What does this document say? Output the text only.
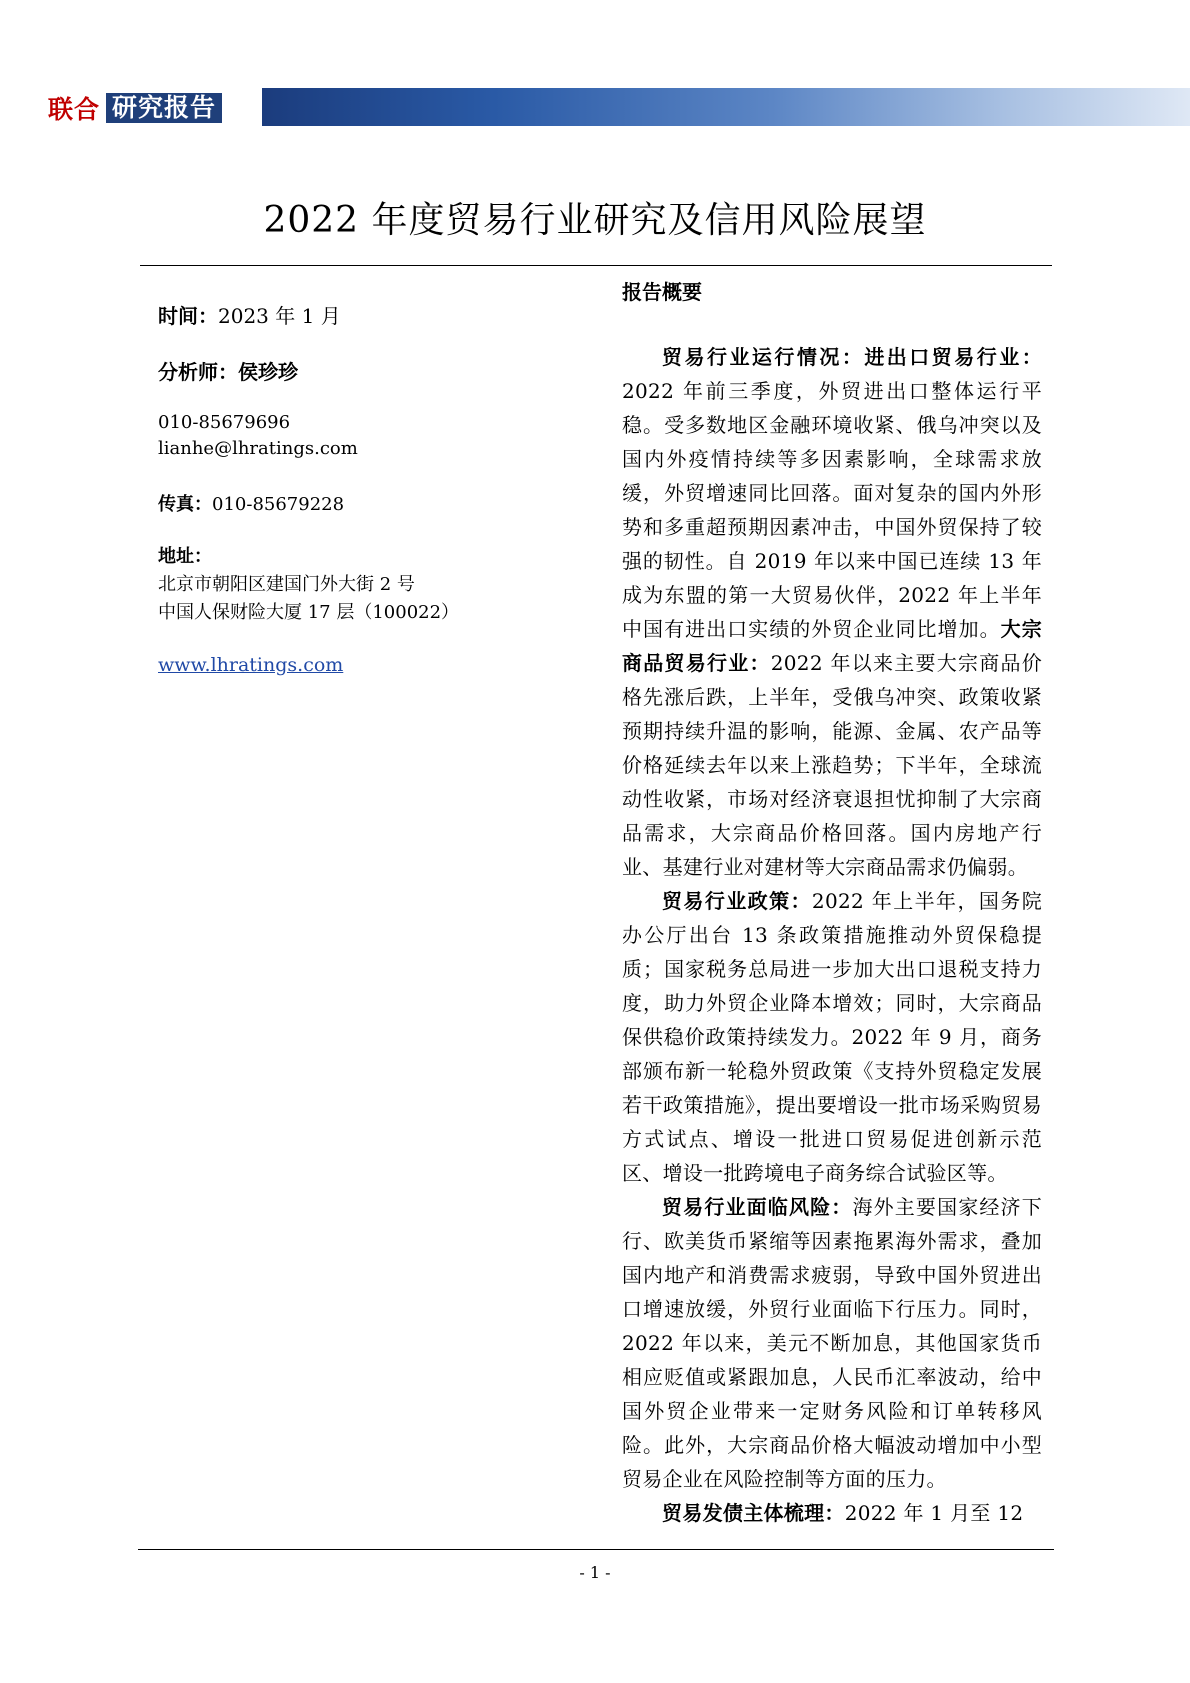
联合 研究报告
2022 年度贸易行业研究及信用风险展望
时间：2023 年 1 月
分析师：侯珍珍
010-85679696
lianhe@lhratings.com
传真：010-85679228
地址：
北京市朝阳区建国门外大街 2 号
中国人保财险大厦 17 层（100022）
www.lhratings.com
报告概要

贸易行业运行情况：进出口贸易行业：2022 年前三季度，外贸进出口整体运行平稳。受多数地区金融环境收紧、俄乌冲突以及国内外疫情持续等多因素影响，全球需求放缓，外贸增速同比回落。面对复杂的国内外形势和多重超预期因素冲击，中国外贸保持了较强的韧性。自 2019 年以来中国已连续 13 年成为东盟的第一大贸易伙伴，2022 年上半年中国有进出口实绩的外贸企业同比增加。大宗商品贸易行业：2022 年以来主要大宗商品价格先涨后跌，上半年，受俄乌冲突、政策收紧预期持续升温的影响，能源、金属、农产品等价格延续去年以来上涨趋势；下半年，全球流动性收紧，市场对经济衰退担忧抑制了大宗商品需求，大宗商品价格回落。国内房地产行业、基建行业对建材等大宗商品需求仍偏弱。

贸易行业政策：2022 年上半年，国务院办公厅出台 13 条政策措施推动外贸保稳提质；国家税务总局进一步加大出口退税支持力度，助力外贸企业降本增效；同时，大宗商品保供稳价政策持续发力。2022 年 9 月，商务部颁布新一轮稳外贸政策《支持外贸稳定发展若干政策措施》，提出要增设一批市场采购贸易方式试点、增设一批进口贸易促进创新示范区、增设一批跨境电子商务综合试验区等。

贸易行业面临风险：海外主要国家经济下行、欧美货币紧缩等因素拖累海外需求，叠加国内地产和消费需求疲弱，导致中国外贸进出口增速放缓，外贸行业面临下行压力。同时，2022 年以来，美元不断加息，其他国家货币相应贬值或紧跟加息，人民币汇率波动，给中国外贸企业带来一定财务风险和订单转移风险。此外，大宗商品价格大幅波动增加中小型贸易企业在风险控制等方面的压力。

贸易发债主体梳理：2022 年 1 月至 12

- 1 -
